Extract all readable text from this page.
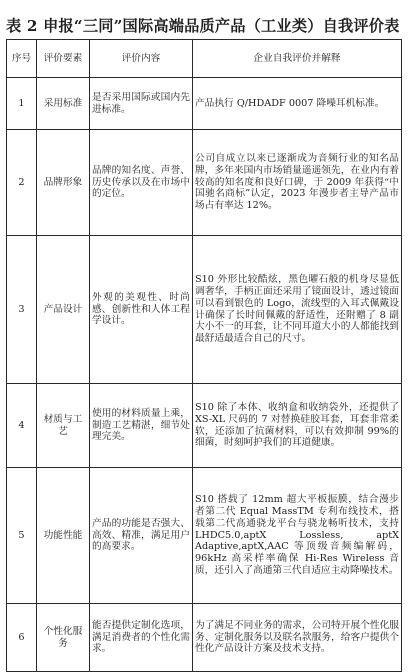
表 2 申报“三同”国际高端品质产品（工业类）自我评价表
序号	评价要素	评价内容	企业自我评价并解释
1	采用标准	是否采用国际或国内先进标准。	产品执行 Q/HDADF 0007 降噪耳机标准。
2	品牌形象	品牌的知名度、声誉、历史传承以及在市场中的定位。	公司自成立以来已逐渐成为音频行业的知名品牌，多年来国内市场销量遥遥领先，在业内有着较高的知名度和良好口碑，于 2009 年获得“中国驰名商标”认定，2023 年漫步者主导产品市场占有率达 12%。
3	产品设计	外观的美观性、时尚感、创新性和人体工程学设计。	S10 外形比较酷炫，黑色曜石般的机身尽显低调奢华，手柄正面还采用了镜面设计，透过镜面可以看到银色的 Logo，流线型的入耳式佩戴设计确保了长时间佩戴的舒适性，还附赠了 8 副大小不一的耳套，让不同耳道大小的人都能找到最舒适最适合自己的尺寸。
4	材质与工艺	使用的材料质量上乘，制造工艺精湛，细节处理完美。	S10 除了本体、收纳盒和收纳袋外，还提供了 XS-XL 尺码的 7 对替换硅胶耳套，耳套非常柔软，还添加了抗菌材料，可以有效抑制 99%的细菌，时刻呵护我们的耳道健康。
5	功能性能	产品的功能是否强大、高效、精准，满足用户的高要求。	S10 搭载了 12mm 超大平板振膜，结合漫步者第二代 Equal MassTM 专利布线技术，搭载第二代高通骁龙平台与骁龙畅听技术，支持 LHDC5.0,aptX Lossless, aptX Adaptive,aptX,AAC 等顶级音频编解码，96kHz 高采样率确保 Hi-Res Wireless 音质，还引入了高通第三代自适应主动降噪技术。
6	个性化服务	能否提供定制化选项，满足消费者的个性化需求。	为了满足不同业务的需求，公司特开展个性化服务、定制化服务以及联名款服务，给客户提供个性化产品设计方案及技术支持。
